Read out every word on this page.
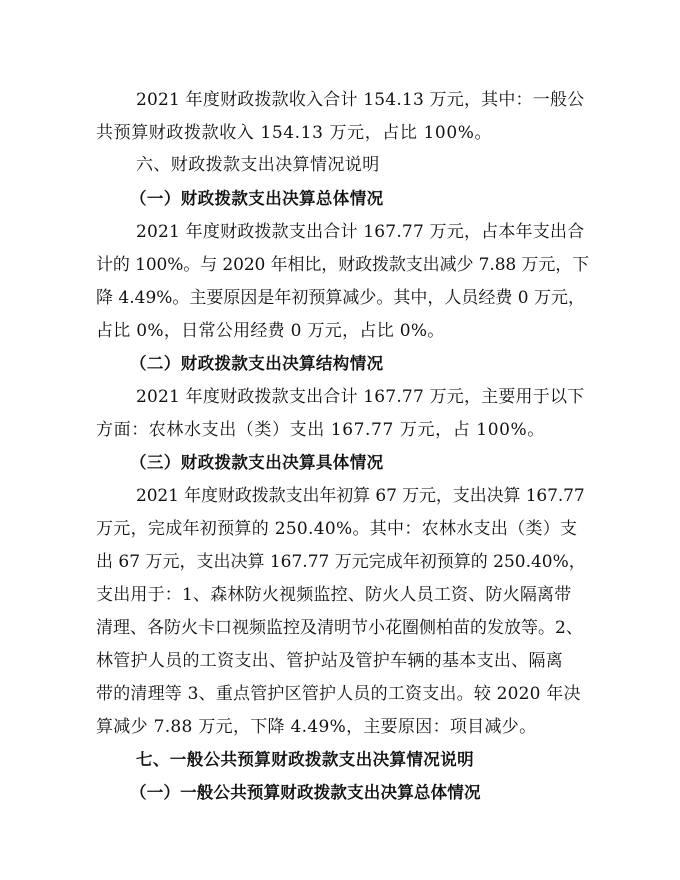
2021 年度财政拨款收入合计 154.13 万元，其中：一般公
共预算财政拨款收入 154.13 万元，占比 100%。
六、财政拨款支出决算情况说明
（一）财政拨款支出决算总体情况
2021 年度财政拨款支出合计 167.77 万元，占本年支出合
计的 100%。与 2020 年相比，财政拨款支出减少 7.88 万元，下
降 4.49%。主要原因是年初预算减少。其中，人员经费 0 万元，
占比 0%，日常公用经费 0 万元，占比 0%。
（二）财政拨款支出决算结构情况
2021 年度财政拨款支出合计 167.77 万元，主要用于以下
方面：农林水支出（类）支出 167.77 万元，占 100%。
（三）财政拨款支出决算具体情况
2021 年度财政拨款支出年初算 67 万元，支出决算 167.77
万元，完成年初预算的 250.40%。其中：农林水支出（类）支
出 67 万元，支出决算 167.77 万元完成年初预算的 250.40%，
支出用于：1、森林防火视频监控、防火人员工资、防火隔离带
清理、各防火卡口视频监控及清明节小花圈侧柏苗的发放等。2、
林管护人员的工资支出、管护站及管护车辆的基本支出、隔离
带的清理等 3、重点管护区管护人员的工资支出。较 2020 年决
算减少 7.88 万元，下降 4.49%，主要原因：项目减少。
七、一般公共预算财政拨款支出决算情况说明
（一）一般公共预算财政拨款支出决算总体情况
